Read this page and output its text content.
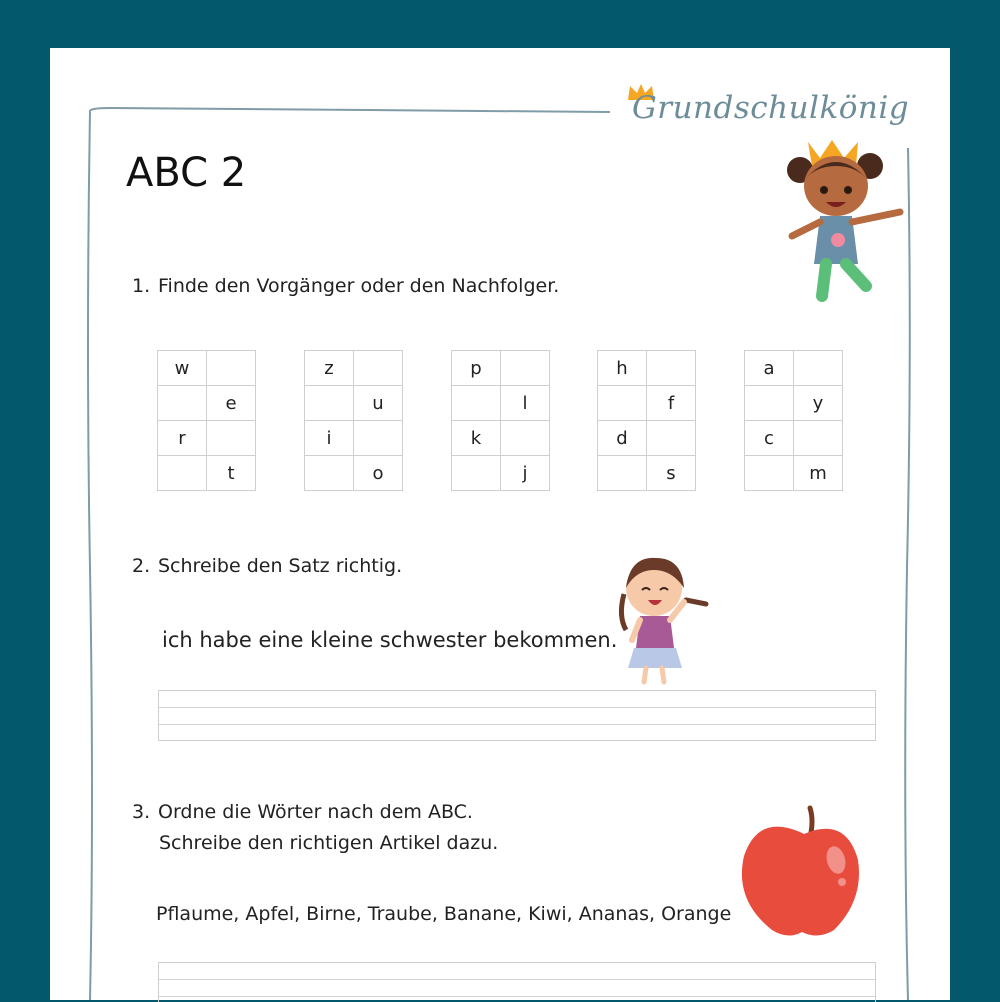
Grundschulkönig
ABC 2
1. Finde den Vorgänger oder den Nachfolger.
w
e
r
t
z
u
i
o
p
l
k
j
h
f
d
s
a
y
c
m
2. Schreibe den Satz richtig.
ich habe eine kleine schwester bekommen.
3. Ordne die Wörter nach dem ABC.
Schreibe den richtigen Artikel dazu.
Pflaume, Apfel, Birne, Traube, Banane, Kiwi, Ananas, Orange
